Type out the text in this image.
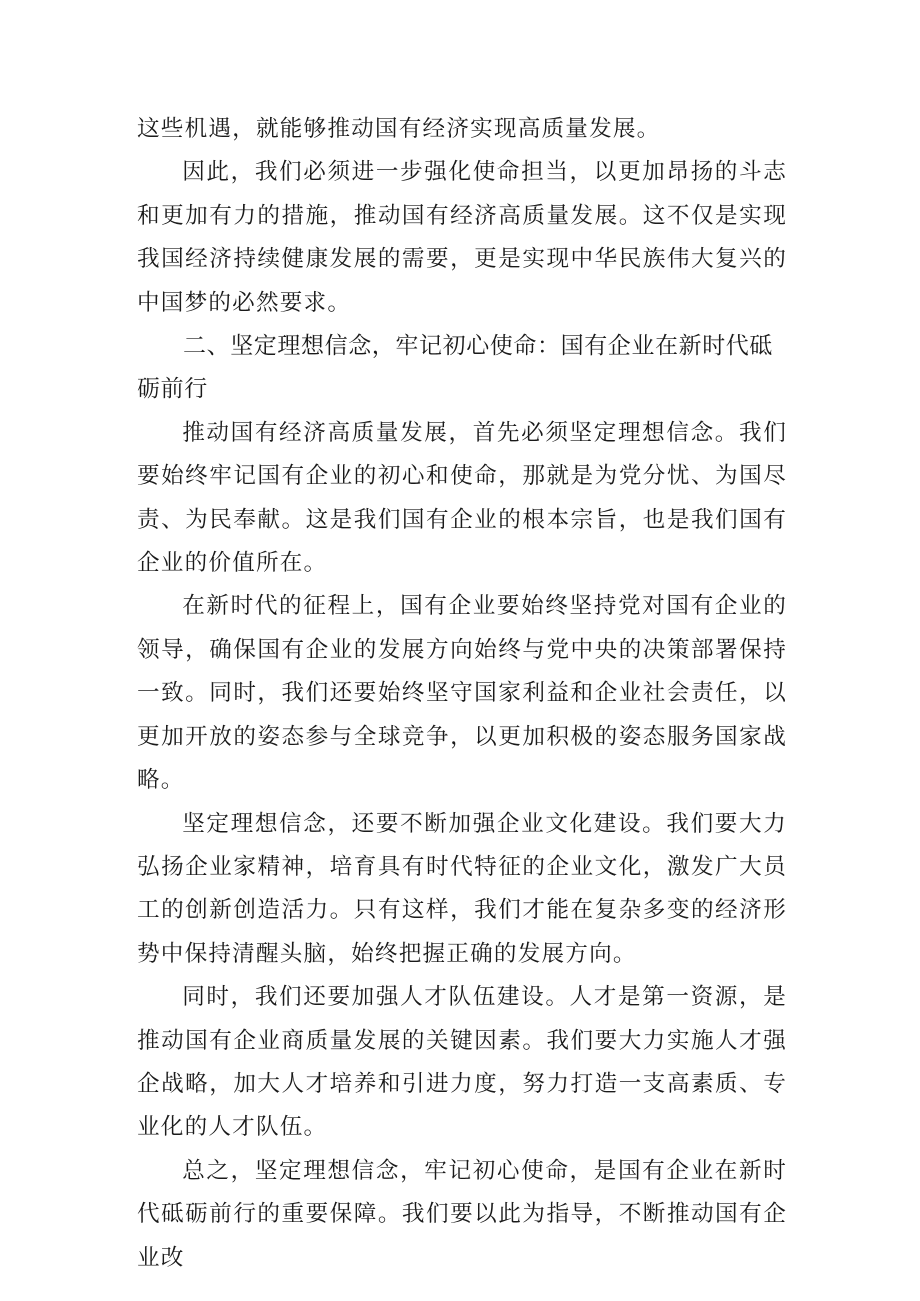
这些机遇，就能够推动国有经济实现高质量发展。

因此，我们必须进一步强化使命担当，以更加昂扬的斗志和更加有力的措施，推动国有经济高质量发展。这不仅是实现我国经济持续健康发展的需要，更是实现中华民族伟大复兴的中国梦的必然要求。

二、坚定理想信念，牢记初心使命：国有企业在新时代砥砺前行

推动国有经济高质量发展，首先必须坚定理想信念。我们要始终牢记国有企业的初心和使命，那就是为党分忧、为国尽责、为民奉献。这是我们国有企业的根本宗旨，也是我们国有企业的价值所在。

在新时代的征程上，国有企业要始终坚持党对国有企业的领导，确保国有企业的发展方向始终与党中央的决策部署保持一致。同时，我们还要始终坚守国家利益和企业社会责任，以更加开放的姿态参与全球竞争，以更加积极的姿态服务国家战略。

坚定理想信念，还要不断加强企业文化建设。我们要大力弘扬企业家精神，培育具有时代特征的企业文化，激发广大员工的创新创造活力。只有这样，我们才能在复杂多变的经济形势中保持清醒头脑，始终把握正确的发展方向。

同时，我们还要加强人才队伍建设。人才是第一资源，是推动国有企业商质量发展的关键因素。我们要大力实施人才强企战略，加大人才培养和引进力度，努力打造一支高素质、专业化的人才队伍。

总之，坚定理想信念，牢记初心使命，是国有企业在新时代砥砺前行的重要保障。我们要以此为指导，不断推动国有企业改
